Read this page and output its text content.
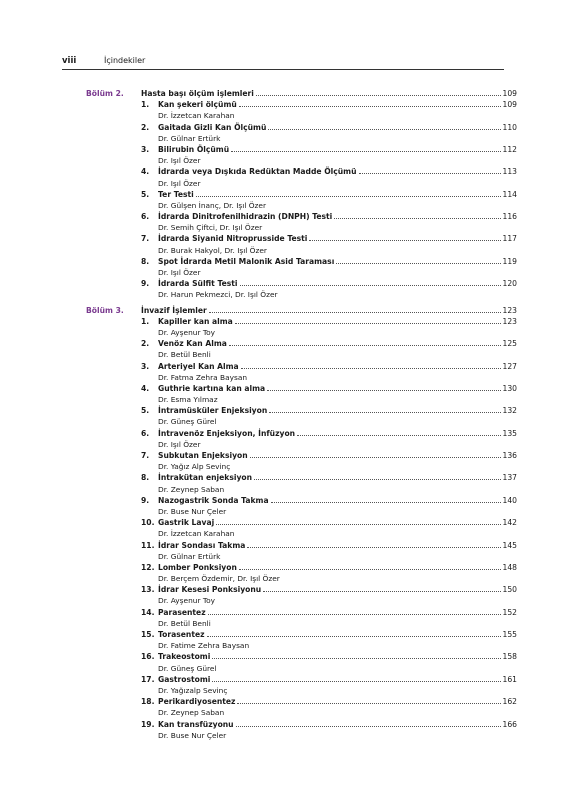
viii	İçindekiler
Bölüm 2. Hasta başı ölçüm işlemleri	109
1. Kan şekeri ölçümü	109
Dr. İzzetcan Karahan
2. Gaitada Gizli Kan Ölçümü	110
Dr. Gülnar Ertürk
3. Bilirubin Ölçümü	112
Dr. Işıl Özer
4. İdrarda veya Dışkıda Redüktan Madde Ölçümü	113
Dr. Işıl Özer
5. Ter Testi	114
Dr. Gülşen İnanç, Dr. Işıl Özer
6. İdrarda Dinitrofenilhidrazin (DNPH) Testi	116
Dr. Semih Çiftci, Dr. Işıl Özer
7. İdrarda Siyanid Nitroprusside Testi	117
Dr. Burak Hakyol, Dr. Işıl Özer
8. Spot İdrarda Metil Malonik Asid Taraması	119
Dr. Işıl Özer
9. İdrarda Sülfit Testi	120
Dr. Harun Pekmezci, Dr. Işıl Özer
Bölüm 3. İnvazif İşlemler	123
1. Kapiller kan alma	123
Dr. Ayşenur Toy
2. Venöz Kan Alma	125
Dr. Betül Benli
3. Arteriyel Kan Alma	127
Dr. Fatma Zehra Baysan
4. Guthrie kartına kan alma	130
Dr. Esma Yılmaz
5. İntramüsküler Enjeksiyon	132
Dr. Güneş Gürel
6. İntravenöz Enjeksiyon, İnfüzyon	135
Dr. Işıl Özer
7. Subkutan Enjeksiyon	136
Dr. Yağız Alp Sevinç
8. İntrakütan enjeksiyon	137
Dr. Zeynep Saban
9. Nazogastrik Sonda Takma	140
Dr. Buse Nur Çeler
10. Gastrik Lavaj	142
Dr. İzzetcan Karahan
11. İdrar Sondası Takma	145
Dr. Gülnar Ertürk
12. Lomber Ponksiyon	148
Dr. Berçem Özdemir, Dr. Işıl Özer
13. İdrar Kesesi Ponksiyonu	150
Dr. Ayşenur Toy
14. Parasentez	152
Dr. Betül Benli
15. Torasentez	155
Dr. Fatime Zehra Baysan
16. Trakeostomi	158
Dr. Güneş Gürel
17. Gastrostomi	161
Dr. Yağızalp Sevinç
18. Perikardiyosentez	162
Dr. Zeynep Saban
19. Kan transfüzyonu	166
Dr. Buse Nur Çeler
